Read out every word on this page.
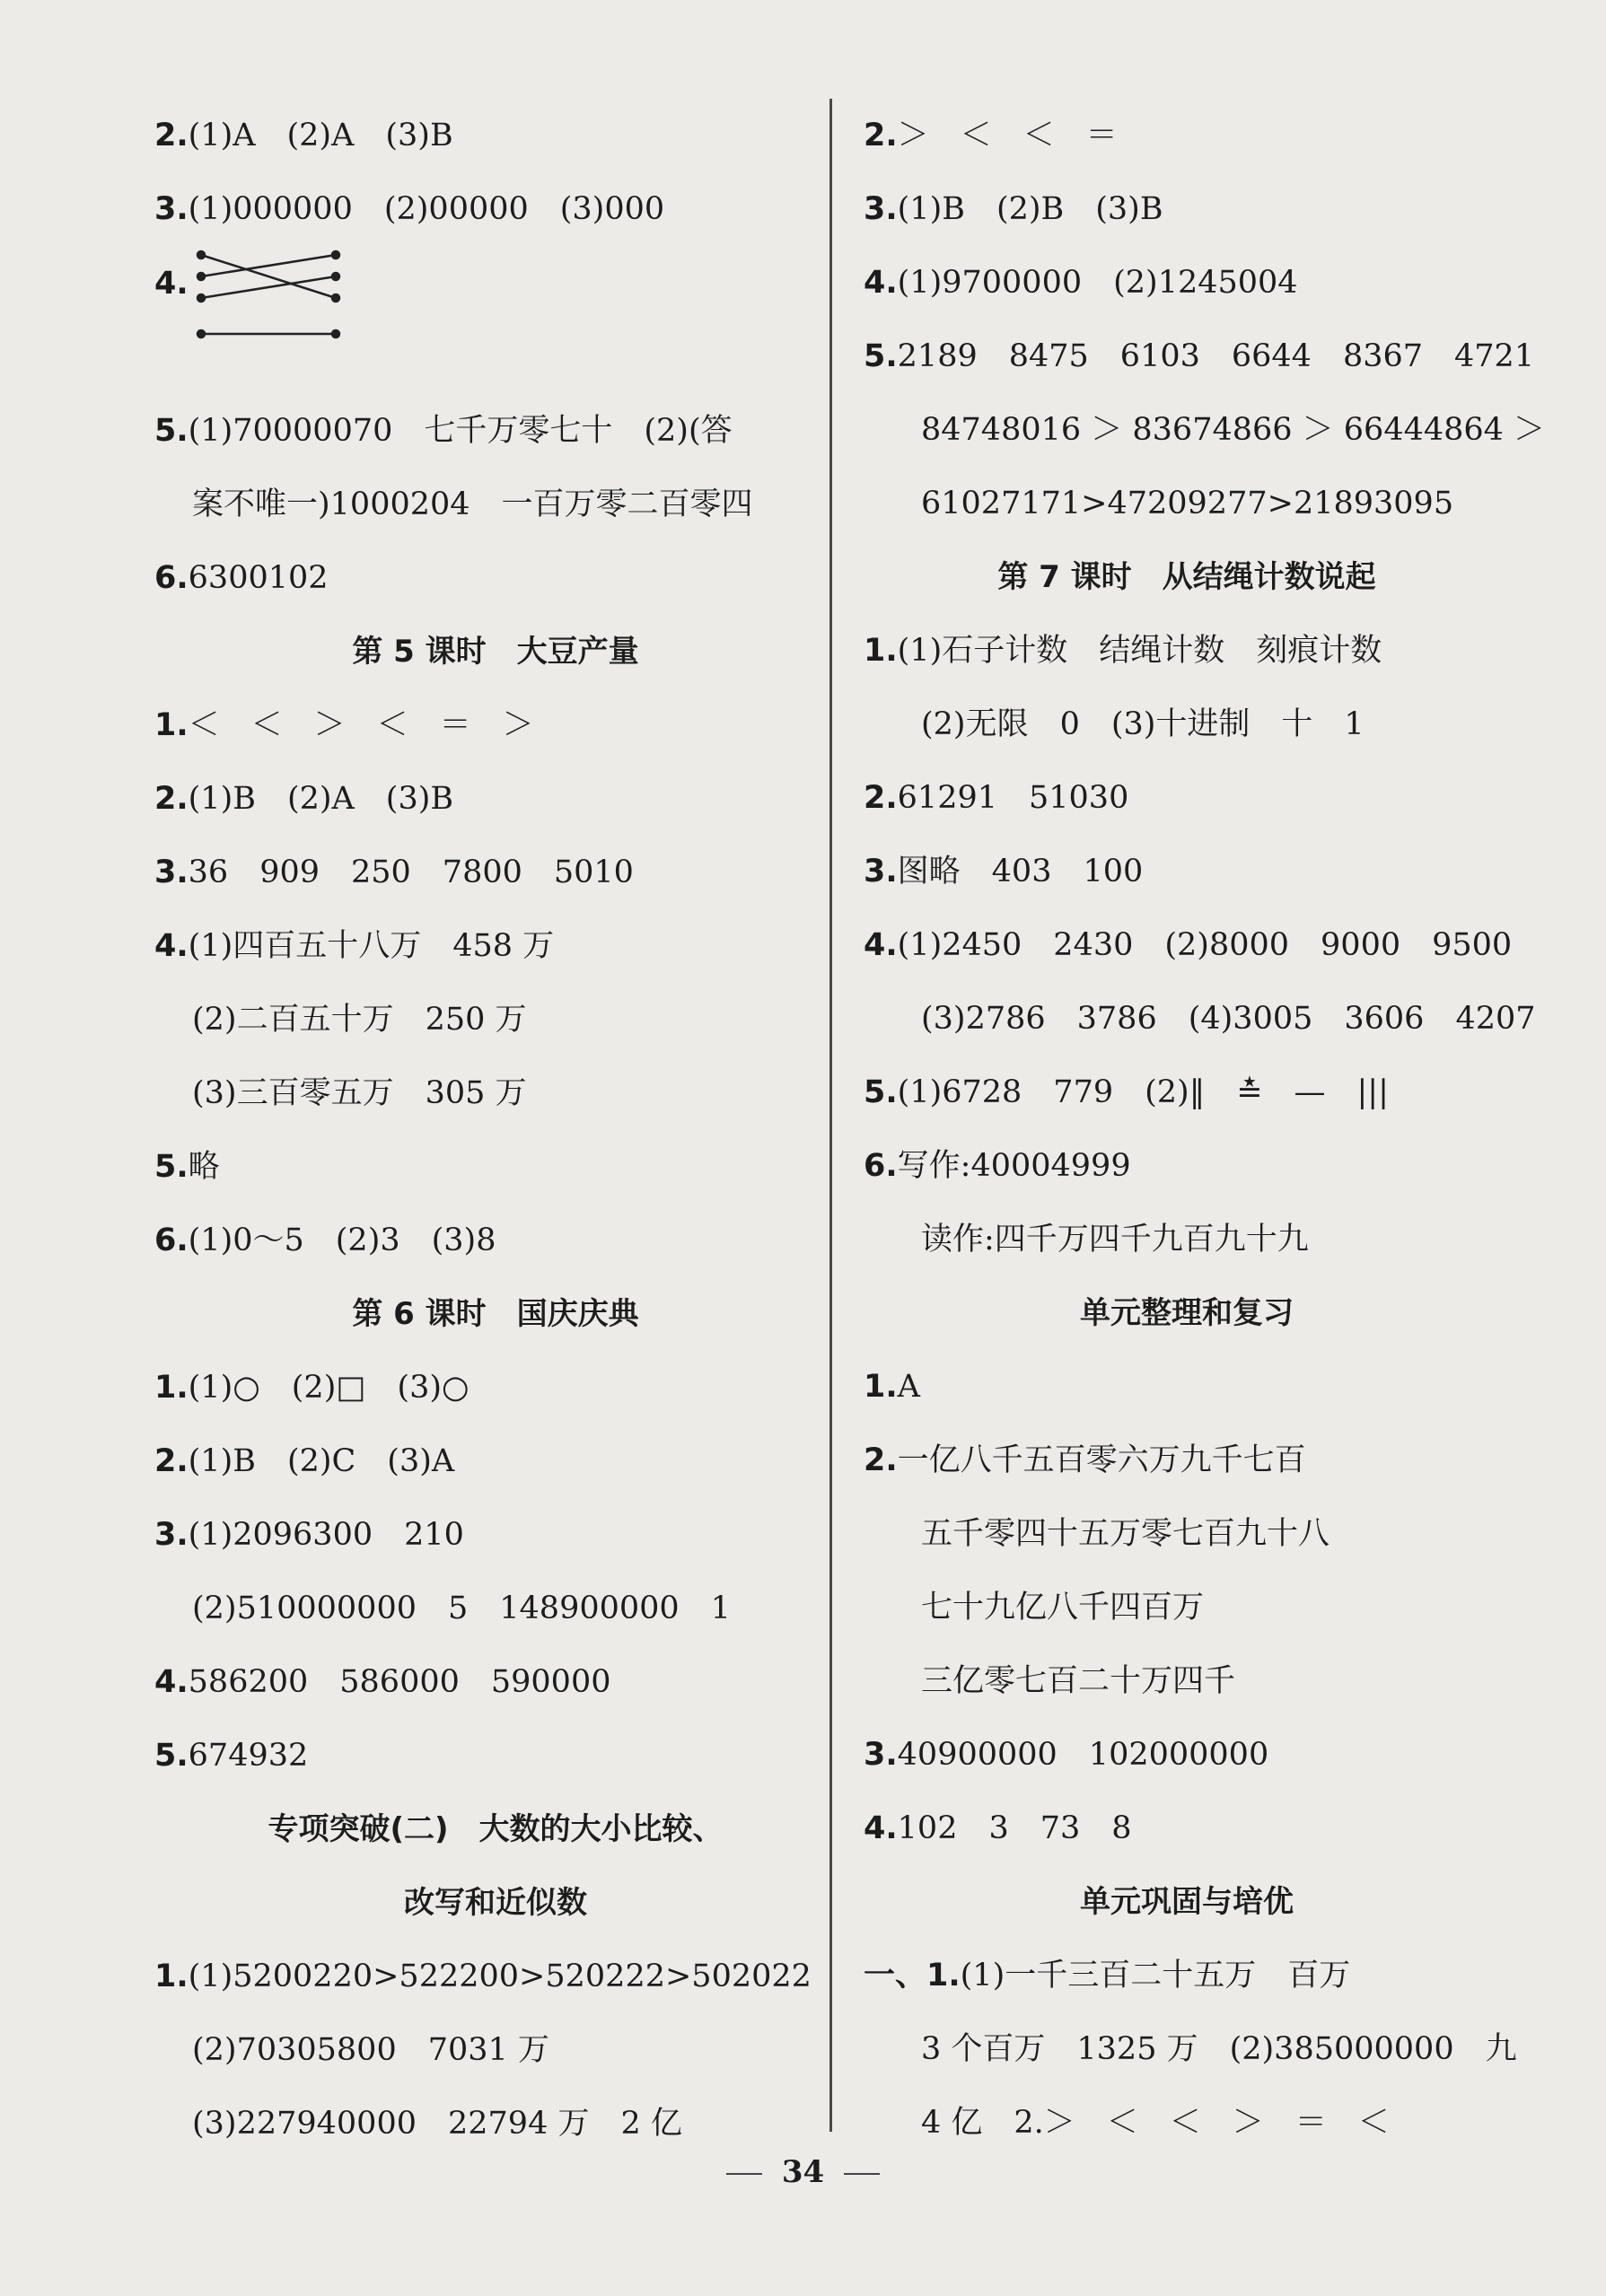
2.(1)A　(2)A　(3)B
3.(1)000000　(2)00000　(3)000
4.
5.(1)70000070　七千万零七十　(2)(答
案不唯一)1000204　一百万零二百零四
6.6300102
第 5 课时　大豆产量
1.＜　＜　＞　＜　＝　＞
2.(1)B　(2)A　(3)B
3.36　909　250　7800　5010
4.(1)四百五十八万　458 万
(2)二百五十万　250 万
(3)三百零五万　305 万
5.略
6.(1)0～5　(2)3　(3)8
第 6 课时　国庆庆典
1.(1)○　(2)□　(3)○
2.(1)B　(2)C　(3)A
3.(1)2096300　210
(2)510000000　5　148900000　1
4.586200　586000　590000
5.674932
专项突破(二)　大数的大小比较、
改写和近似数
1.(1)5200220>522200>520222>502022
(2)70305800　7031 万
(3)227940000　22794 万　2 亿
2.＞　＜　＜　＝
3.(1)B　(2)B　(3)B
4.(1)9700000　(2)1245004
5.2189　8475　6103　6644　8367　4721
84748016 ＞ 83674866 ＞ 66444864 ＞
61027171>47209277>21893095
第 7 课时　从结绳计数说起
1.(1)石子计数　结绳计数　刻痕计数
(2)无限　0　(3)十进制　十　1
2.61291　51030
3.图略　403　100
4.(1)2450　2430　(2)8000　9000　9500
(3)2786　3786　(4)3005　3606　4207
5.(1)6728　779　(2)‖　≛　—　|||
6.写作:40004999
读作:四千万四千九百九十九
单元整理和复习
1.A
2.一亿八千五百零六万九千七百
五千零四十五万零七百九十八
七十九亿八千四百万
三亿零七百二十万四千
3.40900000　102000000
4.102　3　73　8
单元巩固与培优
一、1.(1)一千三百二十五万　百万
3 个百万　1325 万　(2)385000000　九
4 亿　2.＞　＜　＜　＞　＝　＜
34
